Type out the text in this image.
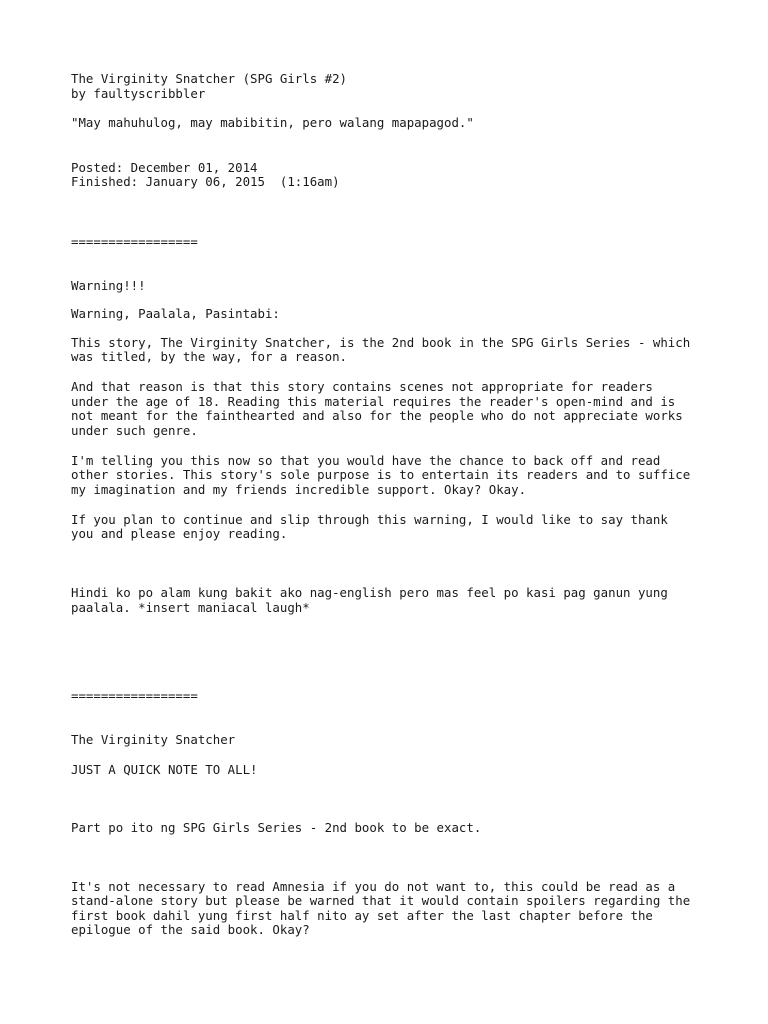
The Virginity Snatcher (SPG Girls #2)
by faultyscribbler
"May mahuhulog, may mabibitin, pero walang mapapagod."
Posted: December 01, 2014
Finished: January 06, 2015  (1:16am)
=================
Warning!!!
Warning, Paalala, Pasintabi:
This story, The Virginity Snatcher, is the 2nd book in the SPG Girls Series - which
was titled, by the way, for a reason.
And that reason is that this story contains scenes not appropriate for readers
under the age of 18. Reading this material requires the reader's open-mind and is
not meant for the fainthearted and also for the people who do not appreciate works
under such genre.
I'm telling you this now so that you would have the chance to back off and read
other stories. This story's sole purpose is to entertain its readers and to suffice
my imagination and my friends incredible support. Okay? Okay.
If you plan to continue and slip through this warning, I would like to say thank
you and please enjoy reading.
Hindi ko po alam kung bakit ako nag-english pero mas feel po kasi pag ganun yung
paalala. *insert maniacal laugh*
=================
The Virginity Snatcher
JUST A QUICK NOTE TO ALL!
Part po ito ng SPG Girls Series - 2nd book to be exact.
It's not necessary to read Amnesia if you do not want to, this could be read as a
stand-alone story but please be warned that it would contain spoilers regarding the
first book dahil yung first half nito ay set after the last chapter before the
epilogue of the said book. Okay?
